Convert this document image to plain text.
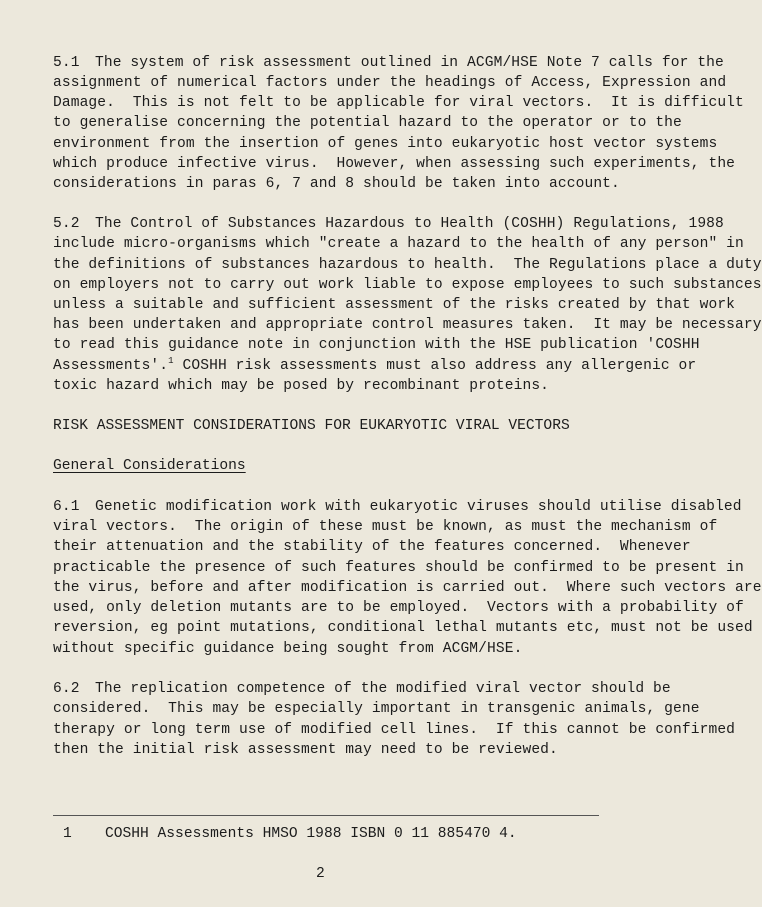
5.1 The system of risk assessment outlined in ACGM/HSE Note 7 calls for the
assignment of numerical factors under the headings of Access, Expression and
Damage.  This is not felt to be applicable for viral vectors.  It is difficult
to generalise concerning the potential hazard to the operator or to the
environment from the insertion of genes into eukaryotic host vector systems
which produce infective virus.  However, when assessing such experiments, the
considerations in paras 6, 7 and 8 should be taken into account.
5.2 The Control of Substances Hazardous to Health (COSHH) Regulations, 1988
include micro-organisms which "create a hazard to the health of any person" in
the definitions of substances hazardous to health.  The Regulations place a duty
on employers not to carry out work liable to expose employees to such substances
unless a suitable and sufficient assessment of the risks created by that work
has been undertaken and appropriate control measures taken.  It may be necessary
to read this guidance note in conjunction with the HSE publication 'COSHH
Assessments'.$^1$ COSHH risk assessments must also address any allergenic or
toxic hazard which may be posed by recombinant proteins.
RISK ASSESSMENT CONSIDERATIONS FOR EUKARYOTIC VIRAL VECTORS
General Considerations
6.1 Genetic modification work with eukaryotic viruses should utilise disabled
viral vectors.  The origin of these must be known, as must the mechanism of
their attenuation and the stability of the features concerned.  Whenever
practicable the presence of such features should be confirmed to be present in
the virus, before and after modification is carried out.  Where such vectors are
used, only deletion mutants are to be employed.  Vectors with a probability of
reversion, eg point mutations, conditional lethal mutants etc, must not be used
without specific guidance being sought from ACGM/HSE.
6.2 The replication competence of the modified viral vector should be
considered.  This may be especially important in transgenic animals, gene
therapy or long term use of modified cell lines.  If this cannot be confirmed
then the initial risk assessment may need to be reviewed.
1 COSHH Assessments HMSO 1988 ISBN 0 11 885470 4.
2
